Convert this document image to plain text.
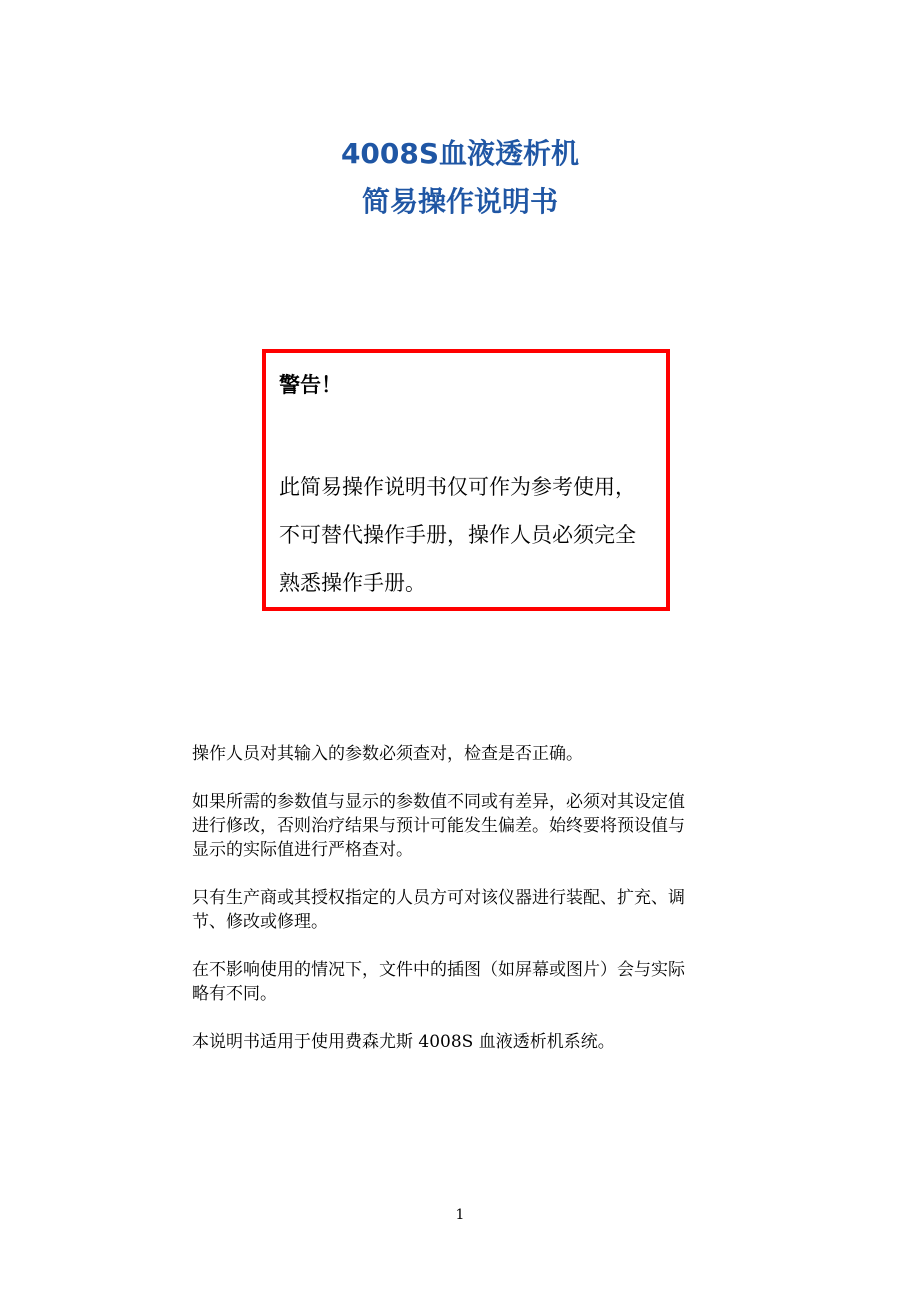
4008S血液透析机
简易操作说明书
警告！
此简易操作说明书仅可作为参考使用，
不可替代操作手册，操作人员必须完全
熟悉操作手册。

操作人员对其输入的参数必须查对，检查是否正确。

如果所需的参数值与显示的参数值不同或有差异，必须对其设定值
进行修改，否则治疗结果与预计可能发生偏差。始终要将预设值与
显示的实际值进行严格查对。

只有生产商或其授权指定的人员方可对该仪器进行装配、扩充、调
节、修改或修理。

在不影响使用的情况下，文件中的插图（如屏幕或图片）会与实际
略有不同。

本说明书适用于使用费森尤斯 4008S 血液透析机系统。

1
